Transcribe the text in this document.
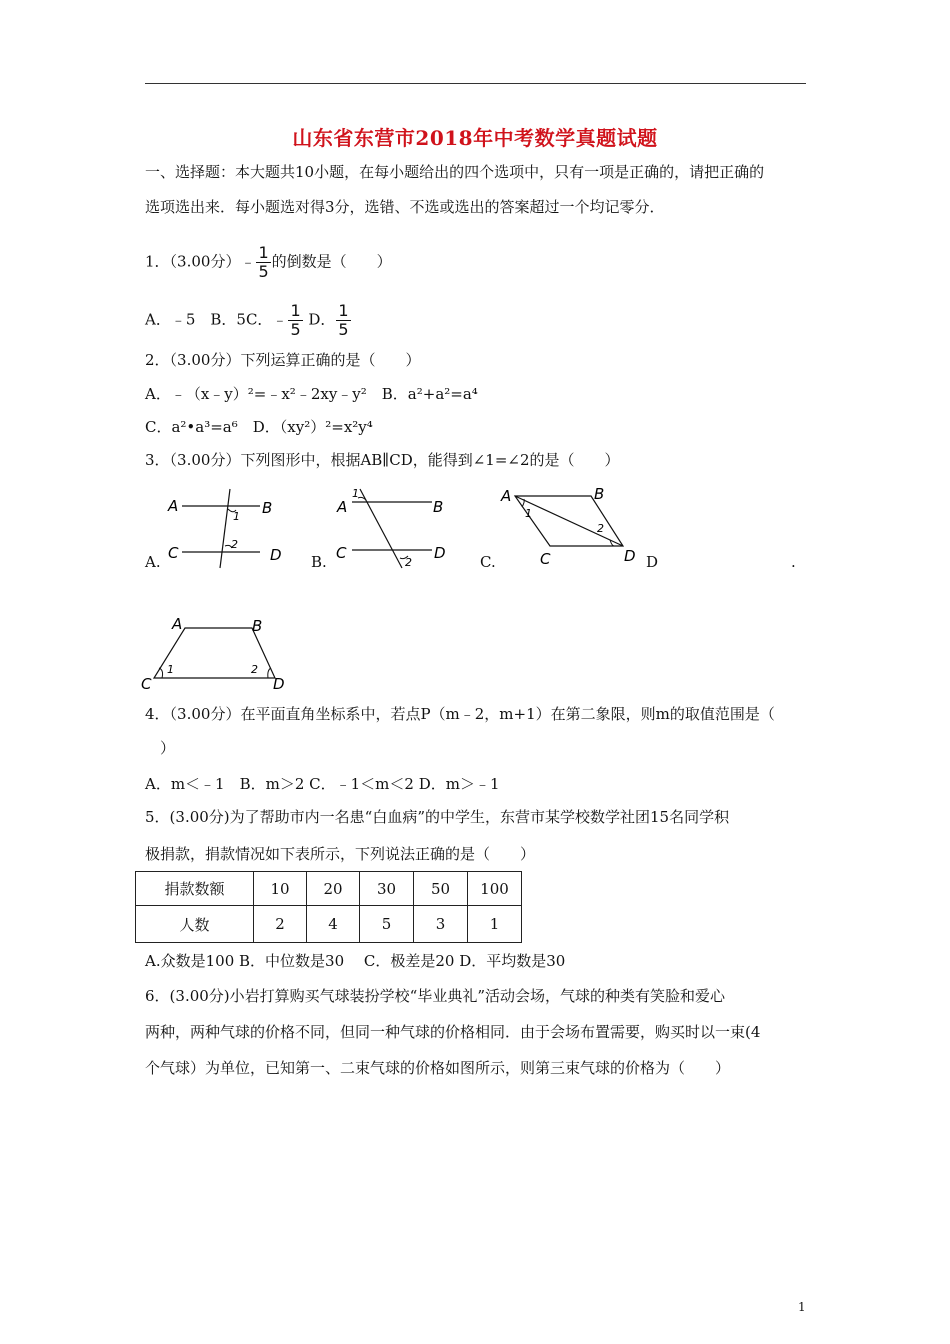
山东省东营市2018年中考数学真题试题
一、选择题：本大题共10小题，在每小题给出的四个选项中，只有一项是正确的，请把正确的
选项选出来．每小题选对得3分，选错、不选或选出的答案超过一个均记零分．
1．（3.00分）﹣ $\frac{1}{5}$ 的倒数是（　　）
A．﹣5　B．5C．﹣ $\frac{1}{5}$ D． $\frac{1}{5}$
2．（3.00分）下列运算正确的是（　　）
A．﹣（x﹣y）²=﹣x²﹣2xy﹣y²　B．a²+a²=a⁴
C．a²•a³=a⁶　D．（xy²）²=x²y⁴
3．（3.00分）下列图形中，根据AB∥CD，能得到∠1=∠2的是（　　）
A	B
C	D
1
2
A.
A	B
C	D
1
2
B.
A	B
C	D
1
2
C.	D	.
A	B
C	D
1	2
4．（3.00分）在平面直角坐标系中，若点P（m﹣2，m+1）在第二象限，则m的取值范围是（
　）
A．m＜﹣1　B．m＞2 C．﹣1＜m＜2 D．m＞﹣1
5．(3.00分)为了帮助市内一名患“白血病”的中学生，东营市某学校数学社团15名同学积
极捐款，捐款情况如下表所示，下列说法正确的是（　　）
捐款数额	10	20	30	50	100
人数	2	4	5	3	1
A.众数是100 B．中位数是30　 C．极差是20 D．平均数是30
6．(3.00分)小岩打算购买气球装扮学校“毕业典礼”活动会场，气球的种类有笑脸和爱心
两种，两种气球的价格不同，但同一种气球的价格相同．由于会场布置需要，购买时以一束(4
个气球）为单位，已知第一、二束气球的价格如图所示，则第三束气球的价格为（　　）
1
